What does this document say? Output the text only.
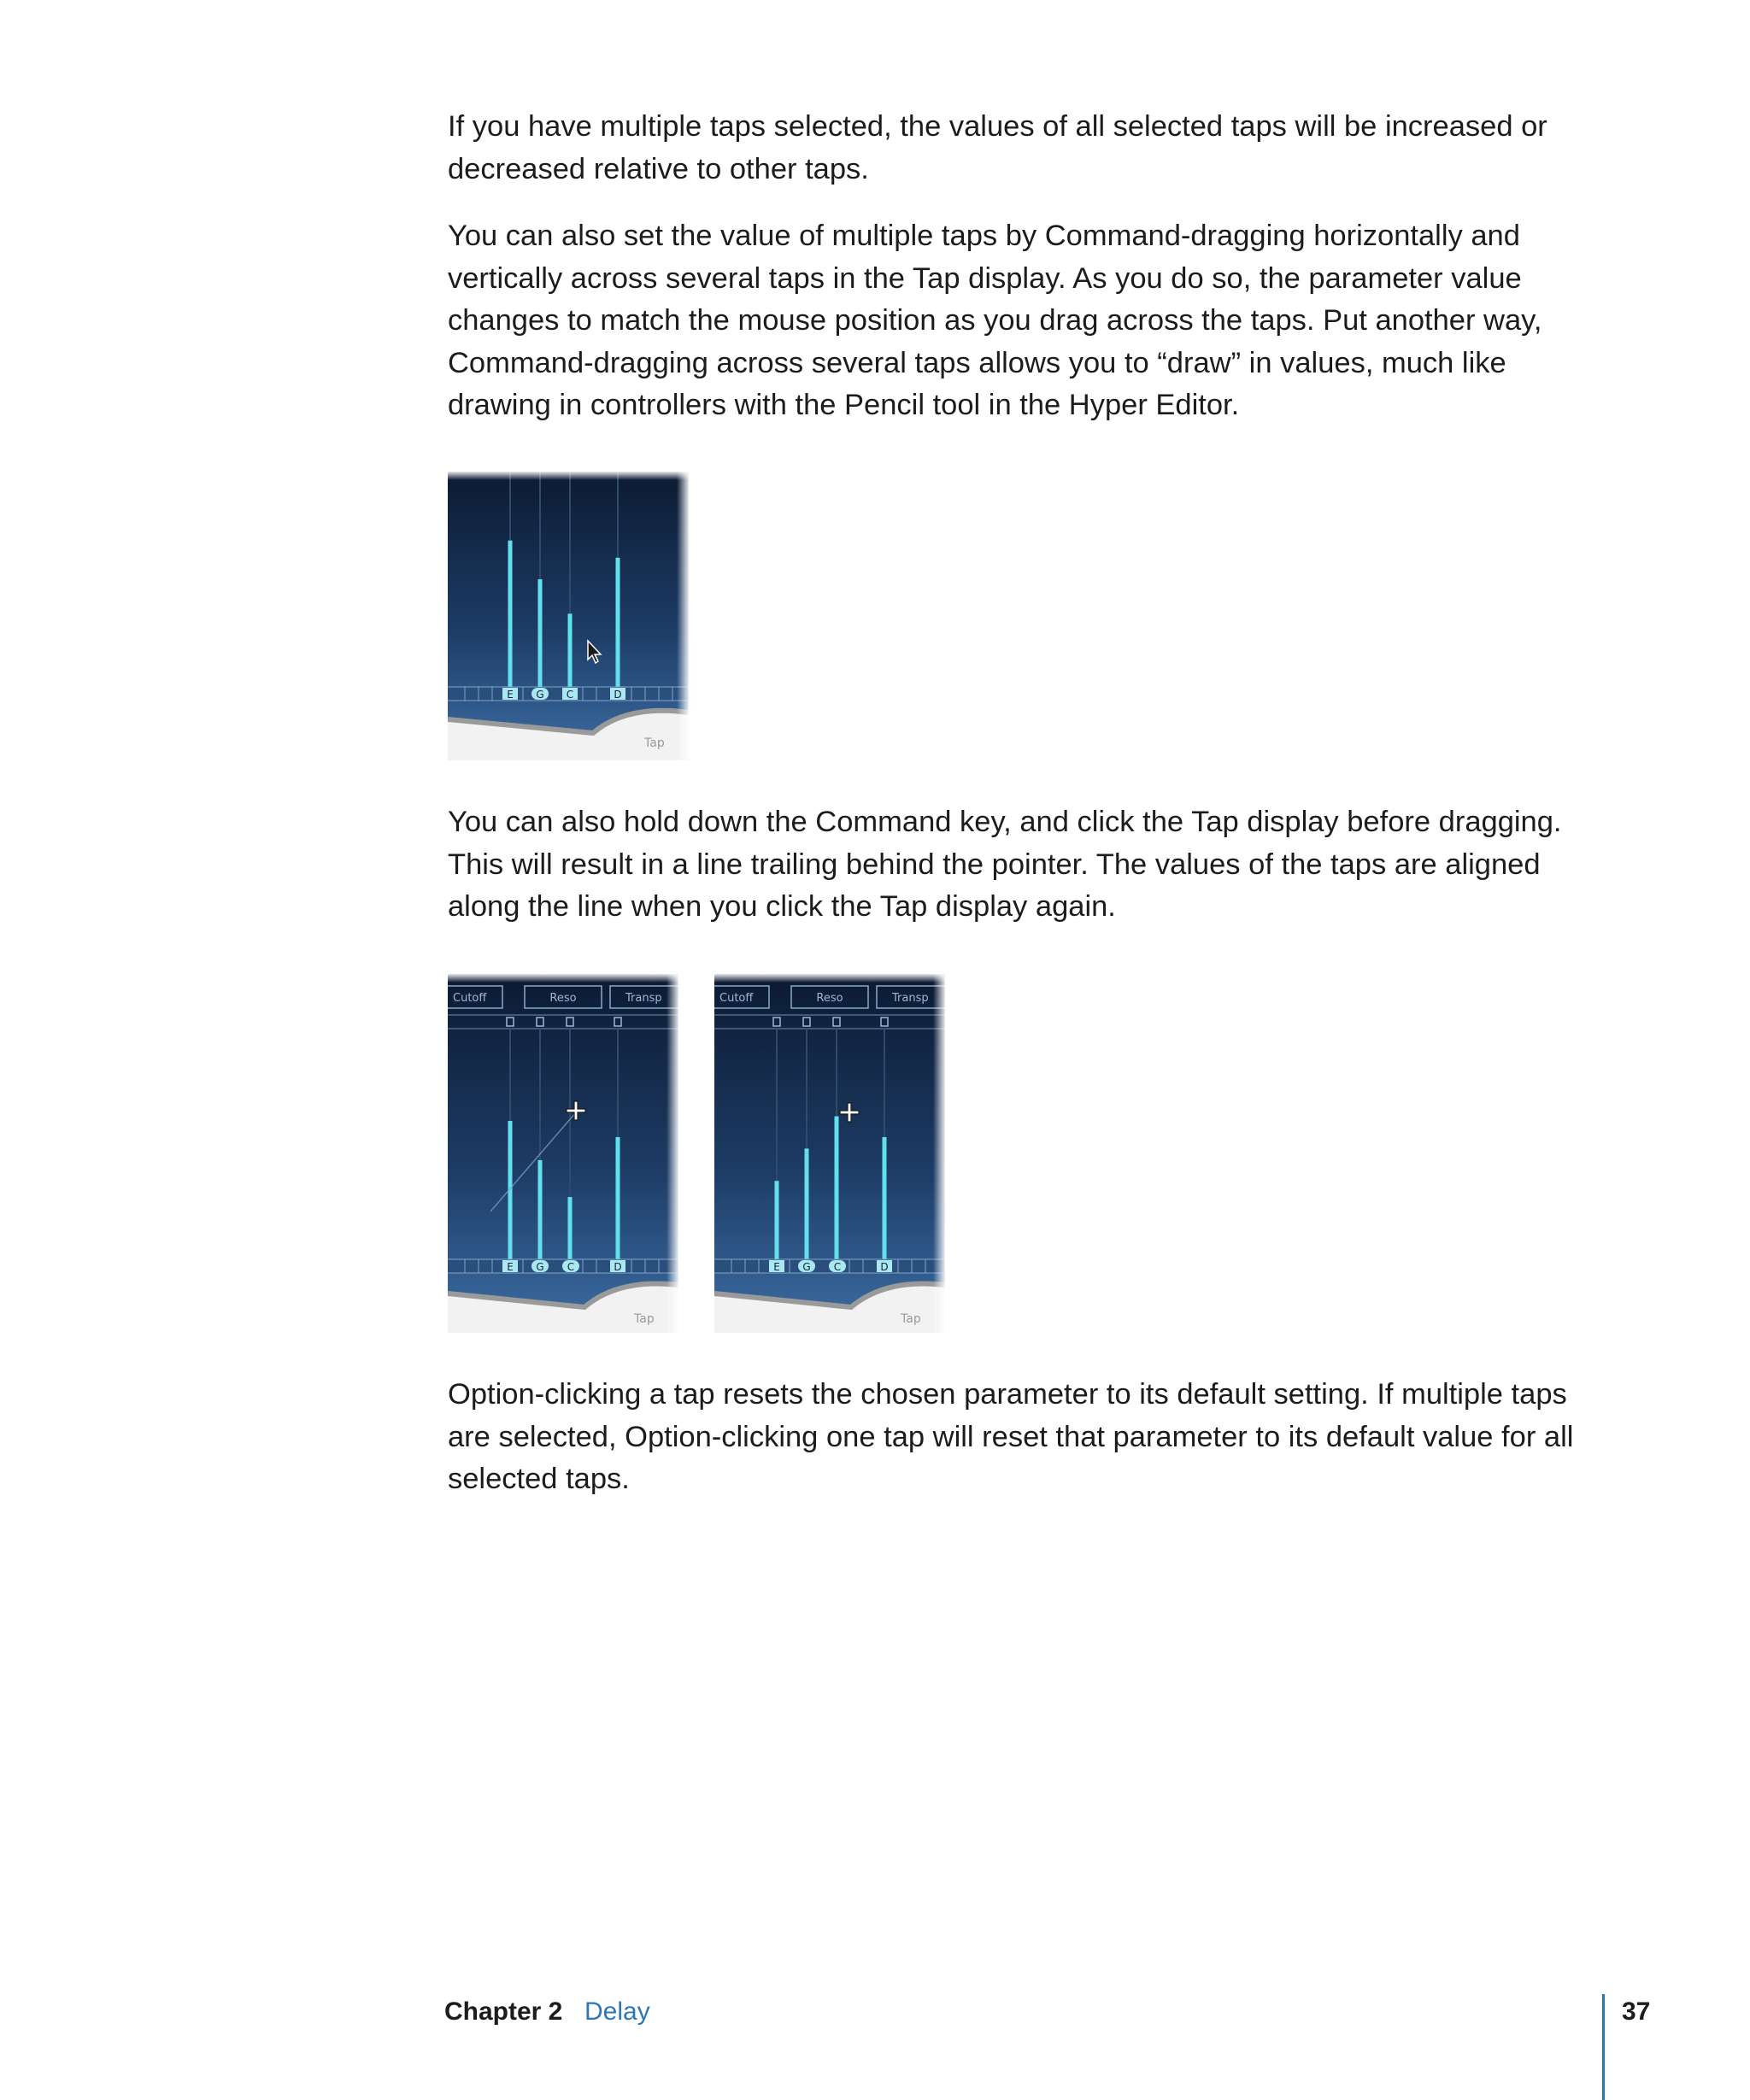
If you have multiple taps selected, the values of all selected taps will be increased or decreased relative to other taps.

You can also set the value of multiple taps by Command-dragging horizontally and vertically across several taps in the Tap display. As you do so, the parameter value changes to match the mouse position as you drag across the taps. Put another way, Command-dragging across several taps allows you to “draw” in values, much like drawing in controllers with the Pencil tool in the Hyper Editor.

E G C	D
Tap

You can also hold down the Command key, and click the Tap display before dragging. This will result in a line trailing behind the pointer. The values of the taps are aligned along the line when you click the Tap display again.

Cutoff	Reso	Transp
E G C	D
Tap
Cutoff	Reso	Transp
E G C	D
Tap

Option-clicking a tap resets the chosen parameter to its default setting. If multiple taps are selected, Option-clicking one tap will reset that parameter to its default value for all selected taps.

Chapter 2 Delay	37
